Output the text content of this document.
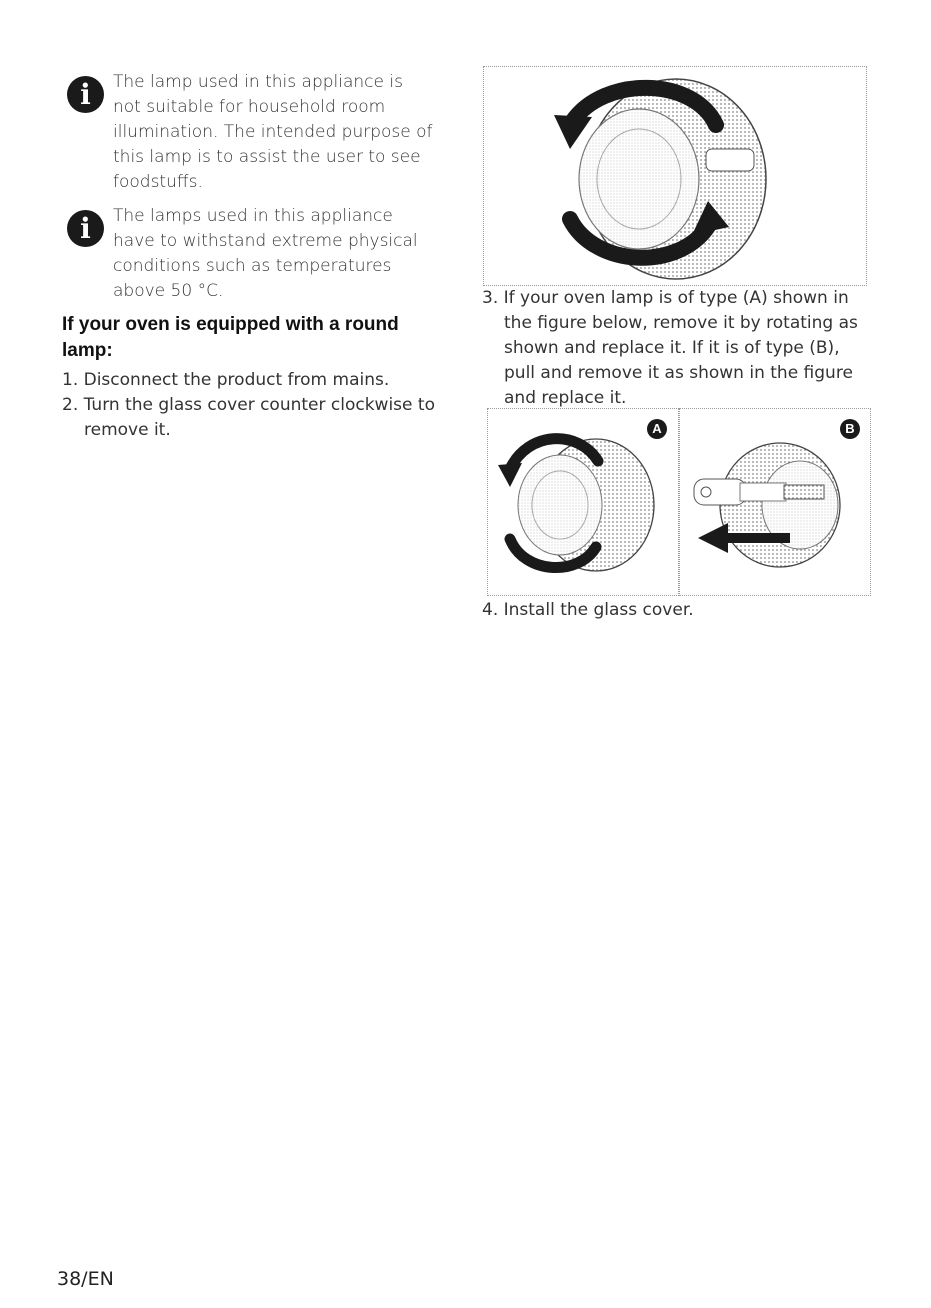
i	The lamp used in this appliance is
not suitable for household room
illumination. The intended purpose of
this lamp is to assist the user to see
foodstuffs.

i	The lamps used in this appliance
have to withstand extreme physical
conditions such as temperatures
above 50 °C.

If your oven is equipped with a round
lamp:

1. Disconnect the product from mains.

2. Turn the glass cover counter clockwise to
remove it.

3. If your oven lamp is of type (A) shown in
the figure below, remove it by rotating as
shown and replace it. If it is of type (B),
pull and remove it as shown in the figure
and replace it.

A	B

4. Install the glass cover.

38/EN
